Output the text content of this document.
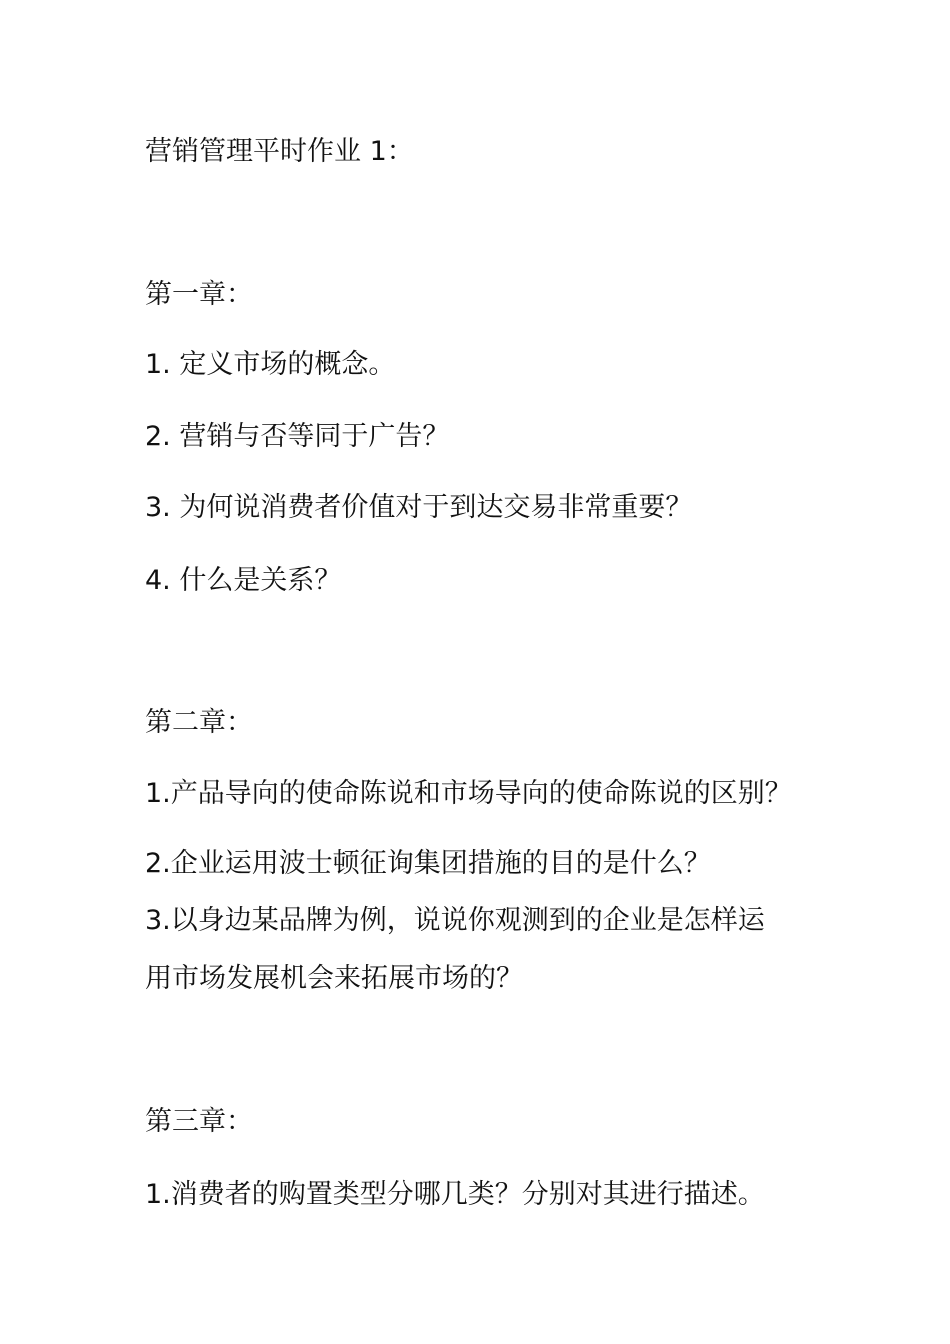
营销管理平时作业 1：
第一章：
1. 定义市场的概念。
2. 营销与否等同于广告？
3. 为何说消费者价值对于到达交易非常重要？
4. 什么是关系？
第二章：
1.产品导向的使命陈说和市场导向的使命陈说的区别？
2.企业运用波士顿征询集团措施的目的是什么？
3.以身边某品牌为例，说说你观测到的企业是怎样运
用市场发展机会来拓展市场的？
第三章：
1.消费者的购置类型分哪几类？分别对其进行描述。
